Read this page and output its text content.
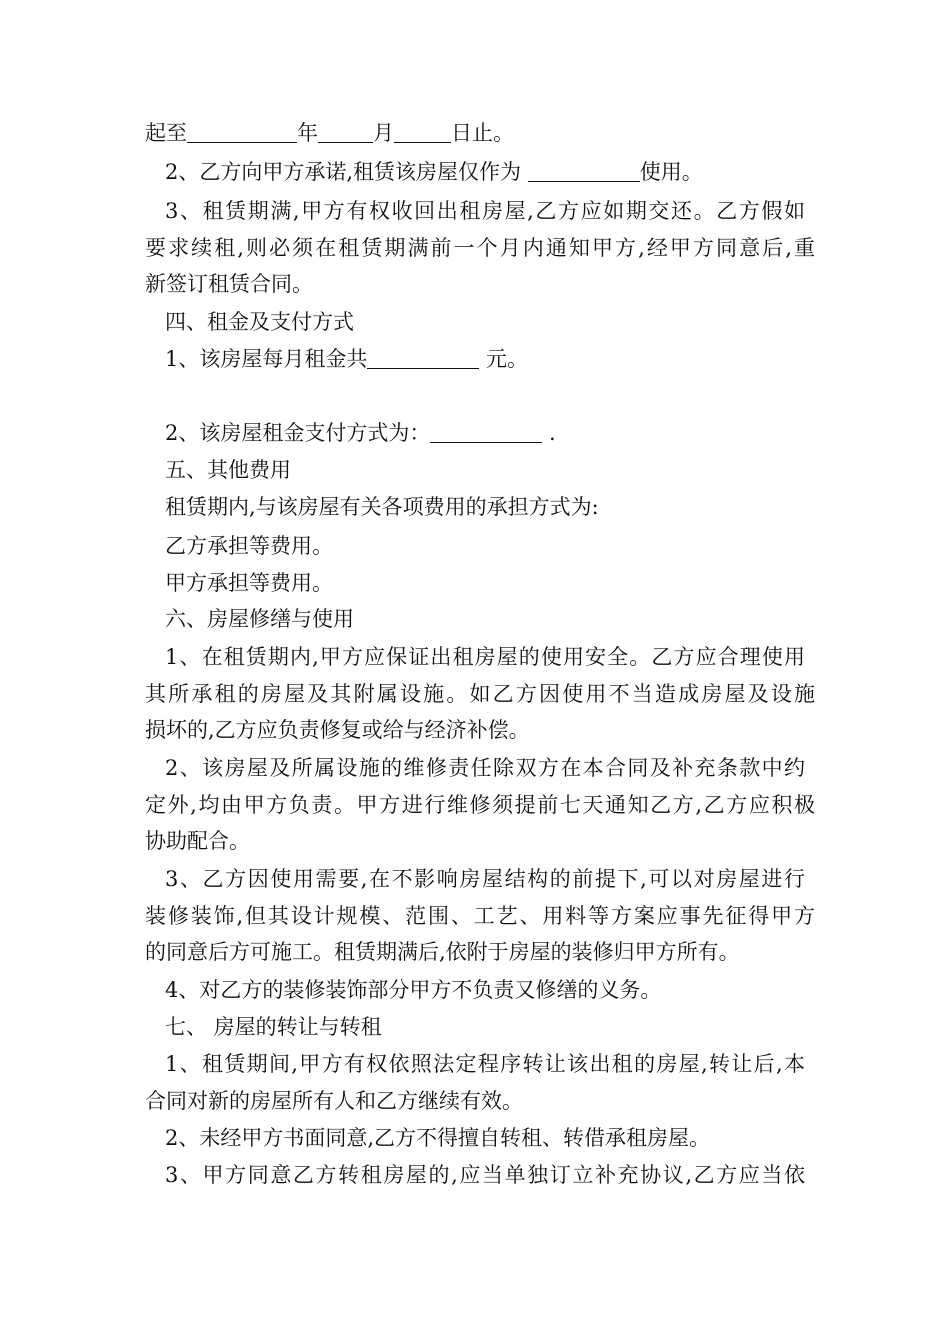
起至	年	月	日止。
2、乙方向甲方承诺,租赁该房屋仅作为	使用。
3、租赁期满,甲方有权收回出租房屋,乙方应如期交还。乙方假如
要求续租,则必须在租赁期满前一个月内通知甲方,经甲方同意后,重
新签订租赁合同。
四、租金及支付方式
1、该房屋每月租金共	元。
2、该房屋租金支付方式为：	.
五、其他费用
租赁期内,与该房屋有关各项费用的承担方式为:
乙方承担等费用。
甲方承担等费用。
六、房屋修缮与使用
1、在租赁期内,甲方应保证出租房屋的使用安全。乙方应合理使用
其所承租的房屋及其附属设施。如乙方因使用不当造成房屋及设施
损坏的,乙方应负责修复或给与经济补偿。
2、该房屋及所属设施的维修责任除双方在本合同及补充条款中约
定外,均由甲方负责。甲方进行维修须提前七天通知乙方,乙方应积极
协助配合。
3、乙方因使用需要,在不影响房屋结构的前提下,可以对房屋进行
装修装饰,但其设计规模、范围、工艺、用料等方案应事先征得甲方
的同意后方可施工。租赁期满后,依附于房屋的装修归甲方所有。
4、对乙方的装修装饰部分甲方不负责又修缮的义务。
七、 房屋的转让与转租
1、租赁期间,甲方有权依照法定程序转让该出租的房屋,转让后,本
合同对新的房屋所有人和乙方继续有效。
2、未经甲方书面同意,乙方不得擅自转租、转借承租房屋。
3、甲方同意乙方转租房屋的,应当单独订立补充协议,乙方应当依
